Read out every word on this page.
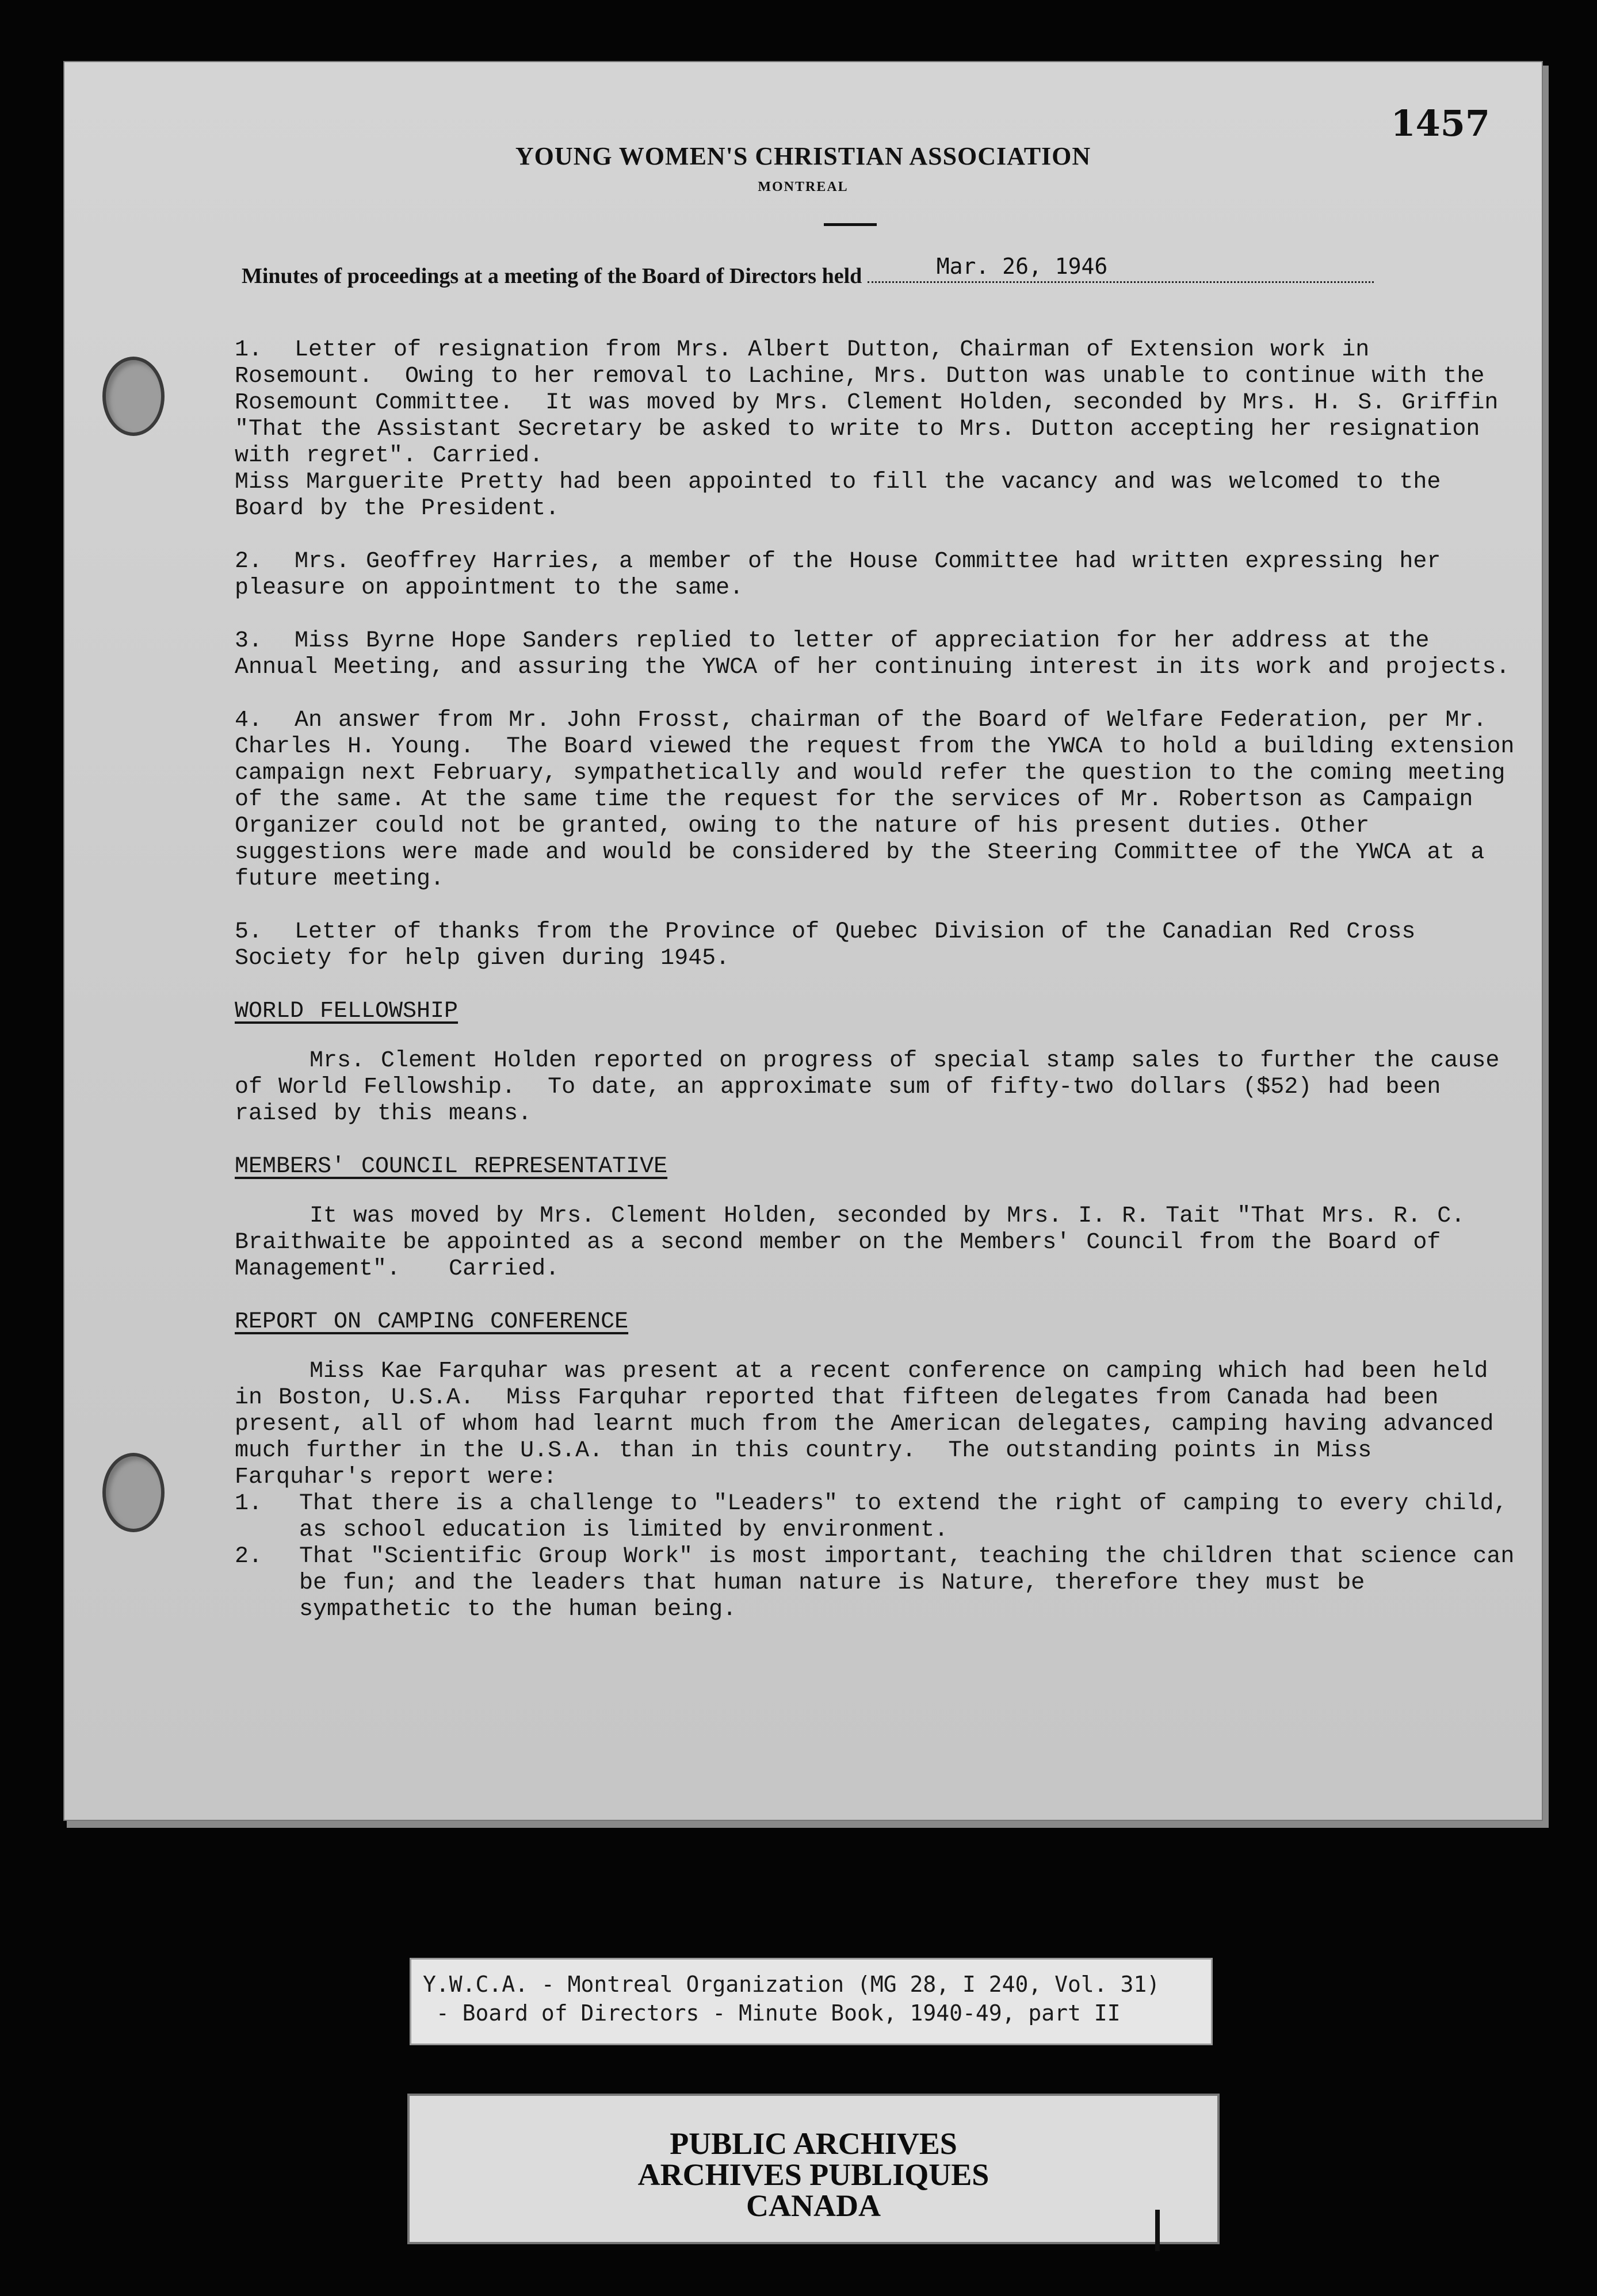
1457
YOUNG WOMEN'S CHRISTIAN ASSOCIATION
MONTREAL
Minutes of proceedings at a meeting of the Board of Directors held	Mar. 26, 1946

1.  Letter of resignation from Mrs. Albert Dutton, Chairman of Extension work in Rosemount.  Owing to her removal to Lachine, Mrs. Dutton was unable to continue with the Rosemount Committee.  It was moved by Mrs. Clement Holden, seconded by Mrs. H. S. Griffin "That the Assistant Secretary be asked to write to Mrs. Dutton accepting her resignation with regret". Carried.

Miss Marguerite Pretty had been appointed to fill the vacancy and was welcomed to the Board by the President.

2.  Mrs. Geoffrey Harries, a member of the House Committee had written expressing her pleasure on appointment to the same.

3.  Miss Byrne Hope Sanders replied to letter of appreciation for her address at the Annual Meeting, and assuring the YWCA of her continuing interest in its work and projects.

4.  An answer from Mr. John Frosst, chairman of the Board of Welfare Federation, per Mr. Charles H. Young.  The Board viewed the request from the YWCA to hold a building extension campaign next February, sympathetically and would refer the question to the coming meeting of the same. At the same time the request for the services of Mr. Robertson as Campaign Organizer could not be granted, owing to the nature of his present duties. Other suggestions were made and would be considered by the Steering Committee of the YWCA at a future meeting.

5.  Letter of thanks from the Province of Quebec Division of the Canadian Red Cross Society for help given during 1945.

WORLD FELLOWSHIP

Mrs. Clement Holden reported on progress of special stamp sales to further the cause of World Fellowship.  To date, an approximate sum of fifty-two dollars ($52) had been raised by this means.

MEMBERS' COUNCIL REPRESENTATIVE

It was moved by Mrs. Clement Holden, seconded by Mrs. I. R. Tait "That Mrs. R. C. Braithwaite be appointed as a second member on the Members' Council from the Board of Management".   Carried.

REPORT ON CAMPING CONFERENCE

Miss Kae Farquhar was present at a recent conference on camping which had been held in Boston, U.S.A.  Miss Farquhar reported that fifteen delegates from Canada had been present, all of whom had learnt much from the American delegates, camping having advanced much further in the U.S.A. than in this country.  The outstanding points in Miss Farquhar's report were:

1.	That there is a challenge to "Leaders" to extend the right of camping to every child, as school education is limited by environment.
2.	That "Scientific Group Work" is most important, teaching the children that science can be fun; and the leaders that human nature is Nature, therefore they must be sympathetic to the human being.
Y.W.C.A. - Montreal Organization (MG 28, I 240, Vol. 31)
- Board of Directors - Minute Book, 1940-49, part II
PUBLIC ARCHIVES
ARCHIVES PUBLIQUES
CANADA
